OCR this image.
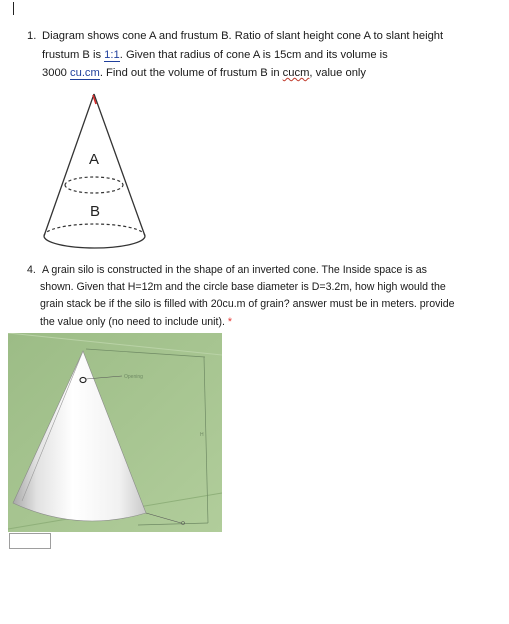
1. Diagram shows cone A and frustum B. Ratio of slant height cone A to slant height
frustum B is 1:1. Given that radius of cone A is 15cm and its volume is
3000 cu.cm. Find out the volume of frustum B in cucm, value only
A
B
4. A grain silo is constructed in the shape of an inverted cone. The Inside space is as
shown. Given that H=12m and the circle base diameter is D=3.2m, how high would the
grain stack be if the silo is filled with 20cu.m of grain? answer must be in meters. provide
the value only (no need to include unit). *
H
Opening
